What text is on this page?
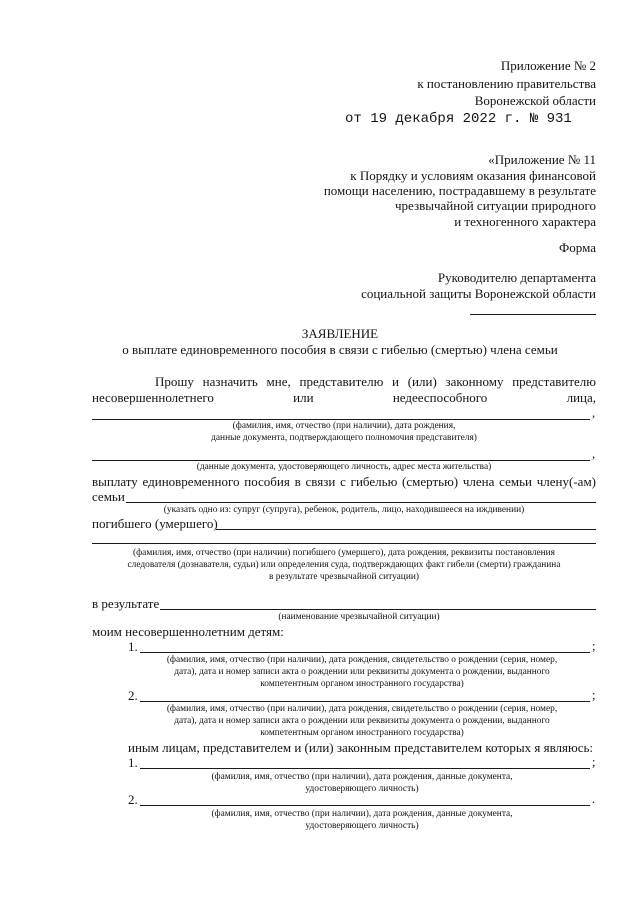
Приложение № 2
к постановлению правительства
Воронежской области
от 19 декабря 2022 г. № 931
«Приложение № 11
к Порядку и условиям оказания финансовой
помощи населению, пострадавшему в результате
чрезвычайной ситуации природного
и техногенного характера
Форма
Руководителю департамента
социальной защиты Воронежской области
ЗАЯВЛЕНИЕ
о выплате единовременного пособия в связи с гибелью (смертью) члена семьи
Прошу назначить мне, представителю и (или) законному представителю
несовершеннолетнего или недееспособного лица,
,
(фамилия, имя, отчество (при наличии), дата рождения,
данные документа, подтверждающего полномочия представителя)
,
(данные документа, удостоверяющего личность, адрес места жительства)
выплату единовременного пособия в связи с гибелью (смертью) члена семьи члену(-ам)
семьи
(указать одно из: супруг (супруга), ребенок, родитель, лицо, находившееся на иждивении)
погибшего (умершего)
(фамилия, имя, отчество (при наличии) погибшего (умершего), дата рождения, реквизиты постановления
следователя (дознавателя, судьи) или определения суда, подтверждающих факт гибели (смерти) гражданина
в результате чрезвычайной ситуации)
в результате
(наименование чрезвычайной ситуации)
моим несовершеннолетним детям:
1.	;
(фамилия, имя, отчество (при наличии), дата рождения, свидетельство о рождении (серия, номер,
дата), дата и номер записи акта о рождении или реквизиты документа о рождении, выданного
компетентным органом иностранного государства)
2.	;
(фамилия, имя, отчество (при наличии), дата рождения, свидетельство о рождении (серия, номер,
дата), дата и номер записи акта о рождении или реквизиты документа о рождении, выданного
компетентным органом иностранного государства)
иным лицам, представителем и (или) законным представителем которых я являюсь:
1.	;
(фамилия, имя, отчество (при наличии), дата рождения, данные документа,
удостоверяющего личность)
2.	.
(фамилия, имя, отчество (при наличии), дата рождения, данные документа,
удостоверяющего личность)
